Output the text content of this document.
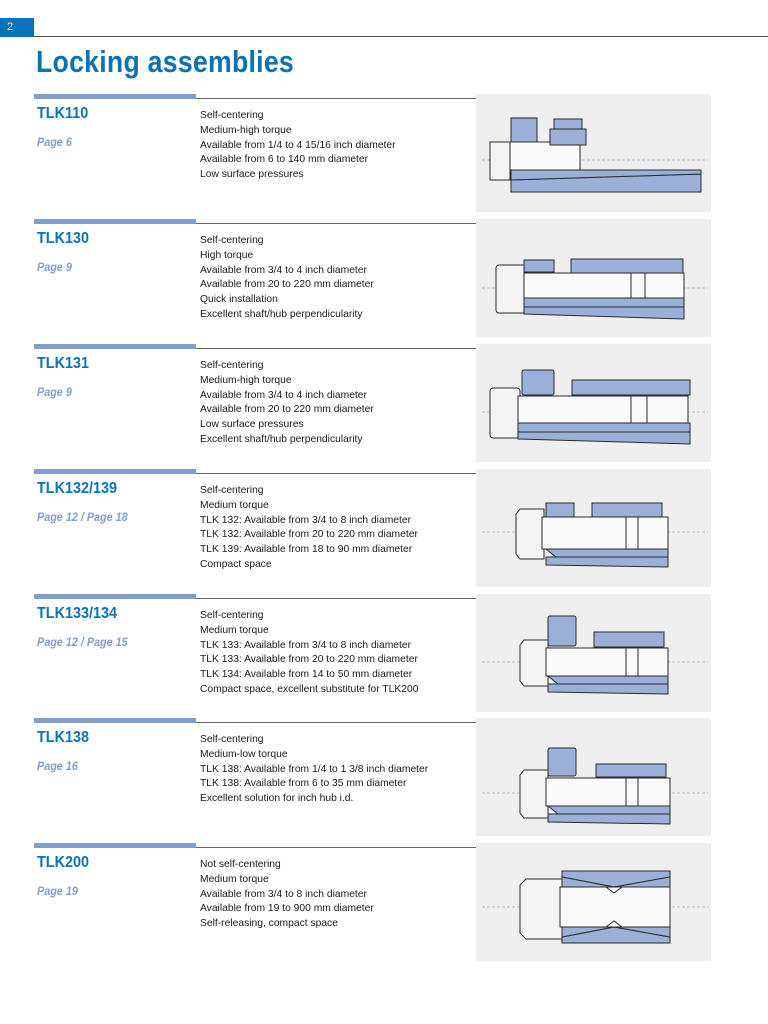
2
Locking assemblies
TLK110
Page 6
Self-centering
Medium-high torque
Available from 1/4 to 4 15/16 inch diameter
Available from 6 to 140 mm diameter
Low surface pressures
TLK130
Page 9
Self-centering
High torque
Available from 3/4 to 4 inch diameter
Available from 20 to 220 mm diameter
Quick installation
Excellent shaft/hub perpendicularity
TLK131
Page 9
Self-centering
Medium-high torque
Available from 3/4 to 4 inch diameter
Available from 20 to 220 mm diameter
Low surface pressures
Excellent shaft/hub perpendicularity
TLK132/139
Page 12 / Page 18
Self-centering
Medium torque
TLK 132: Available from 3/4 to 8 inch diameter
TLK 132: Available from 20 to 220 mm diameter
TLK 139: Available from 18 to 90 mm diameter
Compact space
TLK133/134
Page 12 / Page 15
Self-centering
Medium torque
TLK 133: Available from 3/4 to 8 inch diameter
TLK 133: Available from 20 to 220 mm diameter
TLK 134: Available from 14 to 50 mm diameter
Compact space, excellent substitute for TLK200
TLK138
Page 16
Self-centering
Medium-low torque
TLK 138: Available from 1/4 to 1 3/8 inch diameter
TLK 138: Available from 6 to 35 mm diameter
Excellent solution for inch hub i.d.
TLK200
Page 19
Not self-centering
Medium torque
Available from 3/4 to 8 inch diameter
Available from 19 to 900 mm diameter
Self-releasing, compact space
